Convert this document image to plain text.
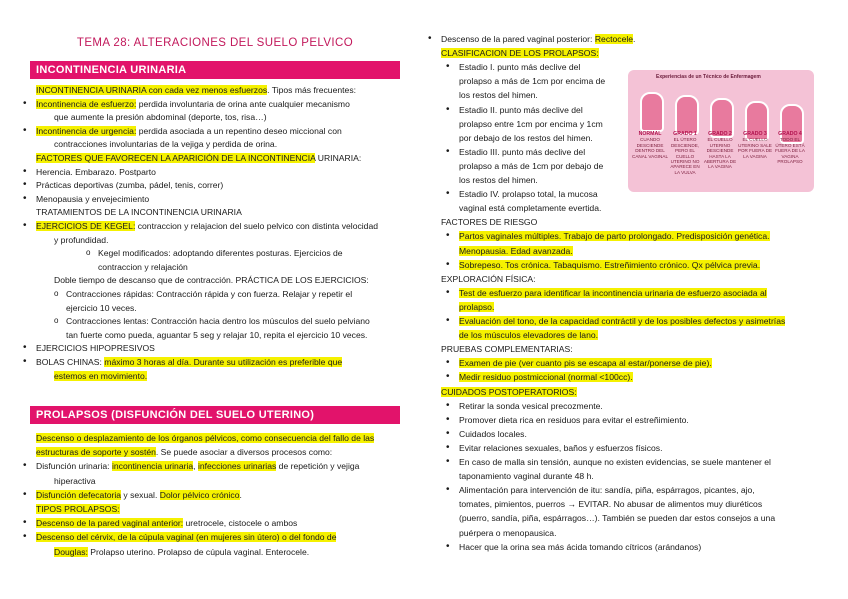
TEMA 28: ALTERACIONES DEL SUELO PELVICO
INCONTINENCIA URINARIA
PROLAPSOS (DISFUNCIÓN DEL SUELO UTERINO)
INCONTINENCIA URINARIA con cada vez menos esfuerzos. Tipos más frecuentes:
• Incontinencia de esfuerzo: perdida involuntaria de orina ante cualquier mecanismo
que aumente la presión abdominal (deporte, tos, risa…)
• Incontinencia de urgencia: perdida asociada a un repentino deseo miccional con
contracciones involuntarias de la vejiga y perdida de orina.
FACTORES QUE FAVORECEN LA APARICIÓN DE LA INCONTINENCIA URINARIA:
• Herencia. Embarazo. Postparto
• Prácticas deportivas (zumba, pádel, tenis, correr)
• Menopausia y envejecimiento
TRATAMIENTOS DE LA INCONTINENCIA URINARIA
• EJERCICIOS DE KEGEL: contraccion y relajacion del suelo pelvico con distinta velocidad
y profundidad.
o Kegel modificados: adoptando diferentes posturas. Ejercicios de
contraccion y relajación
Doble tiempo de descanso que de contracción. PRÁCTICA DE LOS EJERCICIOS:
o Contracciones rápidas: Contracción rápida y con fuerza. Relajar y repetir el
ejercicio 10 veces.
o Contracciones lentas: Contracción hacia dentro los músculos del suelo pelviano
tan fuerte como pueda, aguantar 5 seg y relajar 10, repita el ejercicio 10 veces.
• EJERCICIOS HIPOPRESIVOS
• BOLAS CHINAS: máximo 3 horas al día. Durante su utilización es preferible que
estemos en movimiento.
Descenso o desplazamiento de los órganos pélvicos, como consecuencia del fallo de las
estructuras de soporte y sostén. Se puede asociar a diversos procesos como:
• Disfunción urinaria: incontinencia urinaria, infecciones urinarias de repetición y vejiga
hiperactiva
• Disfunción defecatoria y sexual. Dolor pélvico crónico.
TIPOS PROLAPSOS:
• Descenso de la pared vaginal anterior: uretrocele, cistocele o ambos
• Descenso del cérvix, de la cúpula vaginal (en mujeres sin útero) o del fondo de
Douglas: Prolapso uterino. Prolapso de cúpula vaginal. Enterocele.
• Descenso de la pared vaginal posterior: Rectocele.
CLASIFICACION DE LOS PROLAPSOS:
• Estadio I. punto más declive del
prolapso a más de 1cm por encima de
los restos del himen.
• Estadio II. punto más declive del
prolapso entre 1cm por encima y 1cm
por debajo de los restos del himen.
• Estadio III. punto más declive del
prolapso a más de 1cm por debajo de
los restos del himen.
• Estadio IV. prolapso total, la mucosa
vaginal está completamente evertida.
FACTORES DE RIESGO
• Partos vaginales múltiples. Trabajo de parto prolongado. Predisposición genética.
Menopausia. Edad avanzada.
• Sobrepeso. Tos crónica. Tabaquismo. Estreñimiento crónico. Qx pélvica previa.
EXPLORACIÓN FÍSICA:
• Test de esfuerzo para identificar la incontinencia urinaria de esfuerzo asociada al
prolapso.
• Evaluación del tono, de la capacidad contráctil y de los posibles defectos y asimetrías
de los músculos elevadores de lano.
PRUEBAS COMPLEMENTARIAS:
• Examen de pie (ver cuanto pis se escapa al estar/ponerse de pie).
• Medir residuo postmiccional (normal <100cc).
CUIDADOS POSTOPERATORIOS:
• Retirar la sonda vesical precozmente.
• Promover dieta rica en residuos para evitar el estreñimiento.
• Cuidados locales.
• Evitar relaciones sexuales, baños y esfuerzos físicos.
• En caso de malla sin tensión, aunque no existen evidencias, se suele mantener el
taponamiento vaginal durante 48 h.
• Alimentación para intervención de itu: sandía, piña, espárragos, picantes, ajo,
tomates, pimientos, puerros → EVITAR. No abusar de alimentos muy diuréticos
(puerro, sandía, piña, espárragos…). También se pueden dar estos consejos a una
puérpera o menopausica.
• Hacer que la orina sea más ácida tomando cítricos (arándanos)
Experiencias de un Técnico de Enfermagem
NORMAL
CUANDO DESCIENDE DENTRO DEL CANAL VAGINAL
GRADO 1
EL ÚTERO DESCIENDE, PERO EL CUELLO UTERINO NO APARECE EN LA VULVA
GRADO 2
EL CUELLO UTERINO DESCIENDE HASTA LA ABERTURA DE LA VAGINA
GRADO 3
EL CUELLO UTERINO SALE POR FUERA DE LA VAGINA
GRADO 4
TODO EL ÚTERO ESTÁ FUERA DE LA VAGINA PROLAPSO
